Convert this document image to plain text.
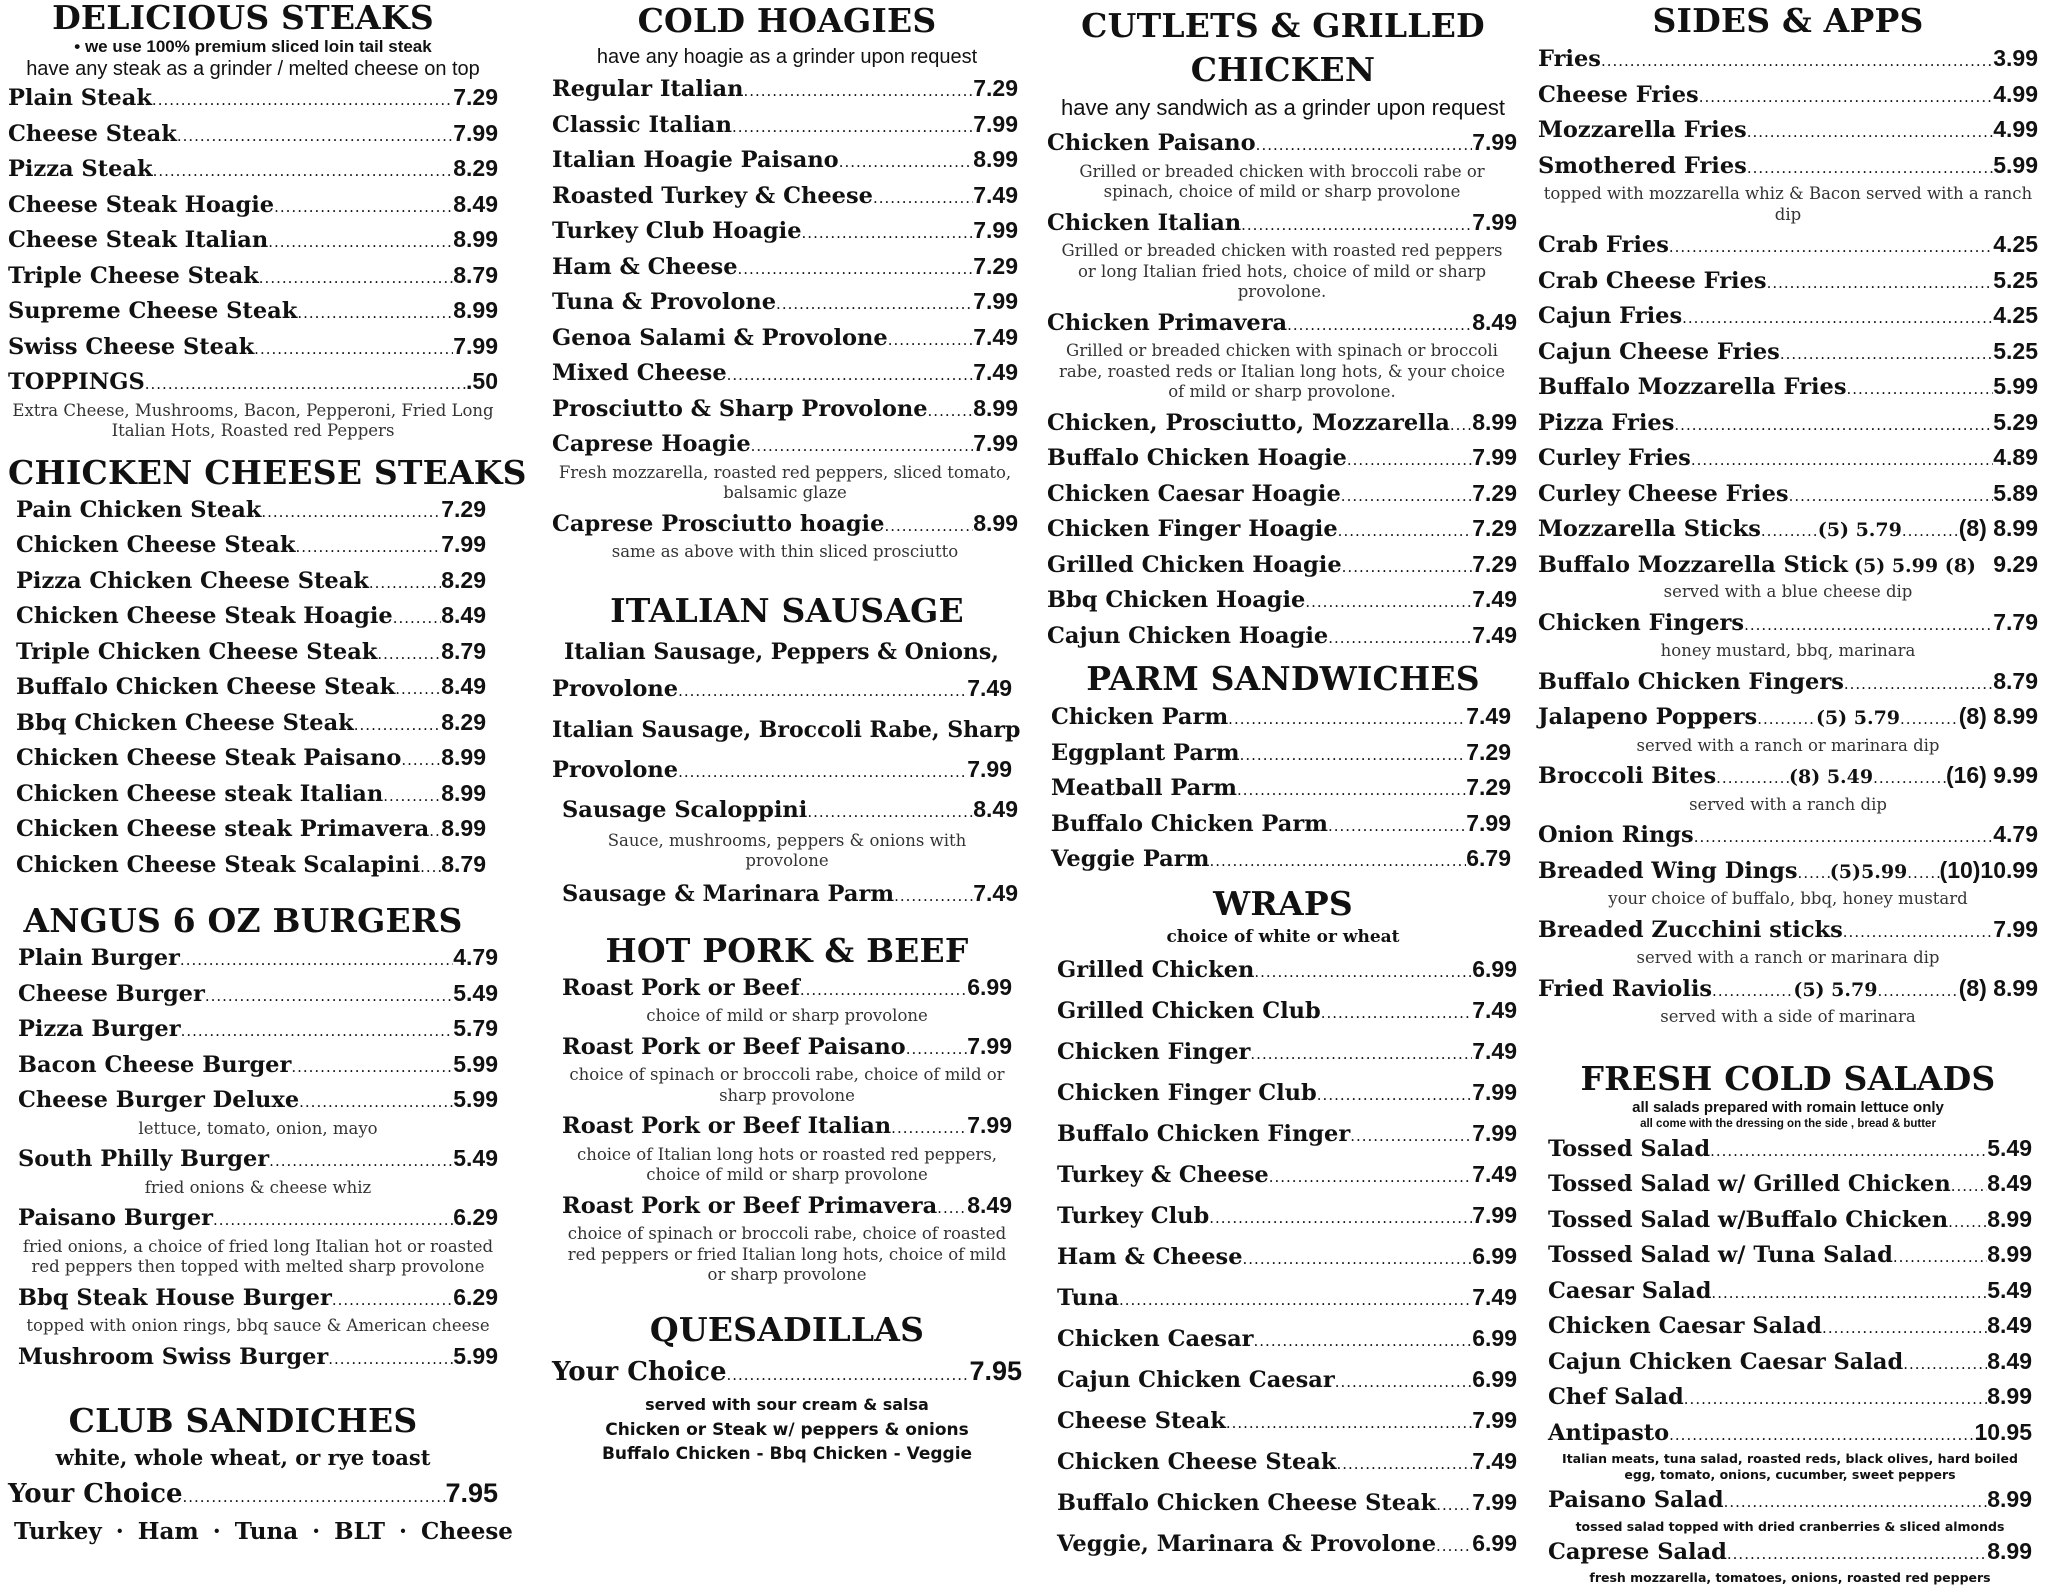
DELICIOUS STEAKS
• we use 100% premium sliced loin tail steak
have any steak as a grinder / melted cheese on top
Plain Steak .....	7.29
Cheese Steak .....	7.99
Pizza Steak .....	8.29
Cheese Steak Hoagie .....	8.49
Cheese Steak Italian .....	8.99
Triple Cheese Steak .....	8.79
Supreme Cheese Steak .....	8.99
Swiss Cheese Steak .....	7.99
TOPPINGS .....	.50
Extra Cheese, Mushrooms, Bacon, Pepperoni, Fried Long Italian Hots, Roasted red Peppers
CHICKEN CHEESE STEAKS
Pain Chicken Steak .....	7.29
Chicken Cheese Steak .....	7.99
Pizza Chicken Cheese Steak .....	8.29
Chicken Cheese Steak Hoagie ..... 8.49
Triple Chicken Cheese Steak .....	8.79
Buffalo Chicken Cheese Steak ..... 8.49
Bbq Chicken Cheese Steak .....	8.29
Chicken Cheese Steak Paisano ..... 8.99
Chicken Cheese steak Italian .....	8.99
Chicken Cheese steak Primavera ..... 8.99
Chicken Cheese Steak Scalapini ..... 8.79
ANGUS 6 OZ BURGERS
Plain Burger .....	4.79
Cheese Burger .....	5.49
Pizza Burger .....	5.79
Bacon Cheese Burger .....	5.99
Cheese Burger Deluxe .....	5.99
lettuce, tomato, onion, mayo
South Philly Burger .....	5.49
fried onions & cheese whiz
Paisano Burger .....	6.29
fried onions, a choice of fried long Italian hot or roasted red peppers then topped with melted sharp provolone
Bbq Steak House Burger .....	6.29
topped with onion rings, bbq sauce & American cheese
Mushroom Swiss Burger .....	5.99
CLUB SANDICHES
white, whole wheat, or rye toast
Your Choice .....	7.95
Turkey · Ham · Tuna · BLT · Cheese
COLD HOAGIES
have any hoagie as a grinder upon request
Regular Italian .....	7.29
Classic Italian .....	7.99
Italian Hoagie Paisano .....	8.99
Roasted Turkey & Cheese .....	7.49
Turkey Club Hoagie .....	7.99
Ham & Cheese .....	7.29
Tuna & Provolone .....	7.99
Genoa Salami & Provolone .....	7.49
Mixed Cheese .....	7.49
Prosciutto & Sharp Provolone ..... 8.99
Caprese Hoagie .....	7.99
Fresh mozzarella, roasted red peppers, sliced tomato, balsamic glaze
Caprese Prosciutto hoagie .....	8.99
same as above with thin sliced prosciutto
ITALIAN SAUSAGE
Italian Sausage, Peppers & Onions,
Provolone .....	7.49
Italian Sausage, Broccoli Rabe, Sharp
Provolone .....	7.99
Sausage Scaloppini .....	8.49
Sauce, mushrooms, peppers & onions with provolone
Sausage & Marinara Parm .....	7.49
HOT PORK & BEEF
Roast Pork or Beef .....	6.99
choice of mild or sharp provolone
Roast Pork or Beef Paisano .....	7.99
choice of spinach or broccoli rabe, choice of mild or sharp provolone
Roast Pork or Beef Italian .....	7.99
choice of Italian long hots or roasted red peppers, choice of mild or sharp provolone
Roast Pork or Beef Primavera ..... 8.49
choice of spinach or broccoli rabe, choice of roasted red peppers or fried Italian long hots, choice of mild or sharp provolone
QUESADILLAS
Your Choice .....	7.95
served with sour cream & salsa
Chicken or Steak w/ peppers & onions
Buffalo Chicken - Bbq Chicken - Veggie
CUTLETS & GRILLED
CHICKEN
have any sandwich as a grinder upon request
Chicken Paisano .....	7.99
Grilled or breaded chicken with broccoli rabe or spinach, choice of mild or sharp provolone
Chicken Italian .....	7.99
Grilled or breaded chicken with roasted red peppers or long Italian fried hots, choice of mild or sharp provolone.
Chicken Primavera .....	8.49
Grilled or breaded chicken with spinach or broccoli rabe, roasted reds or Italian long hots, & your choice of mild or sharp provolone.
Chicken, Prosciutto, Mozzarella ..... 8.99
Buffalo Chicken Hoagie .....	7.99
Chicken Caesar Hoagie .....	7.29
Chicken Finger Hoagie .....	7.29
Grilled Chicken Hoagie .....	7.29
Bbq Chicken Hoagie .....	7.49
Cajun Chicken Hoagie .....	7.49
PARM SANDWICHES
Chicken Parm .....	7.49
Eggplant Parm .....	7.29
Meatball Parm .....	7.29
Buffalo Chicken Parm .....	7.99
Veggie Parm .....	6.79
WRAPS
choice of white or wheat
Grilled Chicken .....	6.99
Grilled Chicken Club .....	7.49
Chicken Finger .....	7.49
Chicken Finger Club .....	7.99
Buffalo Chicken Finger .....	7.99
Turkey & Cheese .....	7.49
Turkey Club .....	7.99
Ham & Cheese .....	6.99
Tuna .....	7.49
Chicken Caesar .....	6.99
Cajun Chicken Caesar .....	6.99
Cheese Steak .....	7.99
Chicken Cheese Steak .....	7.49
Buffalo Chicken Cheese Steak ..... 7.99
Veggie, Marinara & Provolone ..... 6.99
SIDES & APPS
Fries .....	3.99
Cheese Fries .....	4.99
Mozzarella Fries .....	4.99
Smothered Fries .....	5.99
topped with mozzarella whiz & Bacon served with a ranch dip
Crab Fries .....	4.25
Crab Cheese Fries .....	5.25
Cajun Fries .....	4.25
Cajun Cheese Fries .....	5.25
Buffalo Mozzarella Fries .....	5.99
Pizza Fries .....	5.29
Curley Fries .....	4.89
Curley Cheese Fries .....	5.89
Mozzarella Sticks .....	(5) 5.79 ..... (8) 8.99
Buffalo Mozzarella Stick (5) 5.99 (8) 9.29
served with a blue cheese dip
Chicken Fingers .....	7.79
honey mustard, bbq, marinara
Buffalo Chicken Fingers .....	8.79
Jalapeno Poppers .....	(5) 5.79 .....	(8) 8.99
served with a ranch or marinara dip
Broccoli Bites .....	(8) 5.49 .....	(16) 9.99
served with a ranch dip
Onion Rings .....	4.79
Breaded Wing Dings ..... (5)5.99 ..... (10)10.99
your choice of buffalo, bbq, honey mustard
Breaded Zucchini sticks .....	7.99
served with a ranch or marinara dip
Fried Raviolis .....	(5) 5.79 .....	(8) 8.99
served with a side of marinara
FRESH COLD SALADS
all salads prepared with romain lettuce only
all come with the dressing on the side , bread & butter
Tossed Salad .....	5.49
Tossed Salad w/ Grilled Chicken ..... 8.49
Tossed Salad w/Buffalo Chicken ..... 8.99
Tossed Salad w/ Tuna Salad .....	8.99
Caesar Salad .....	5.49
Chicken Caesar Salad .....	8.49
Cajun Chicken Caesar Salad .....	8.49
Chef Salad .....	8.99
Antipasto .....	10.95
Italian meats, tuna salad, roasted reds, black olives, hard boiled egg, tomato, onions, cucumber, sweet peppers
Paisano Salad .....	8.99
tossed salad topped with dried cranberries & sliced almonds
Caprese Salad .....	8.99
fresh mozzarella, tomatoes, onions, roasted red peppers
